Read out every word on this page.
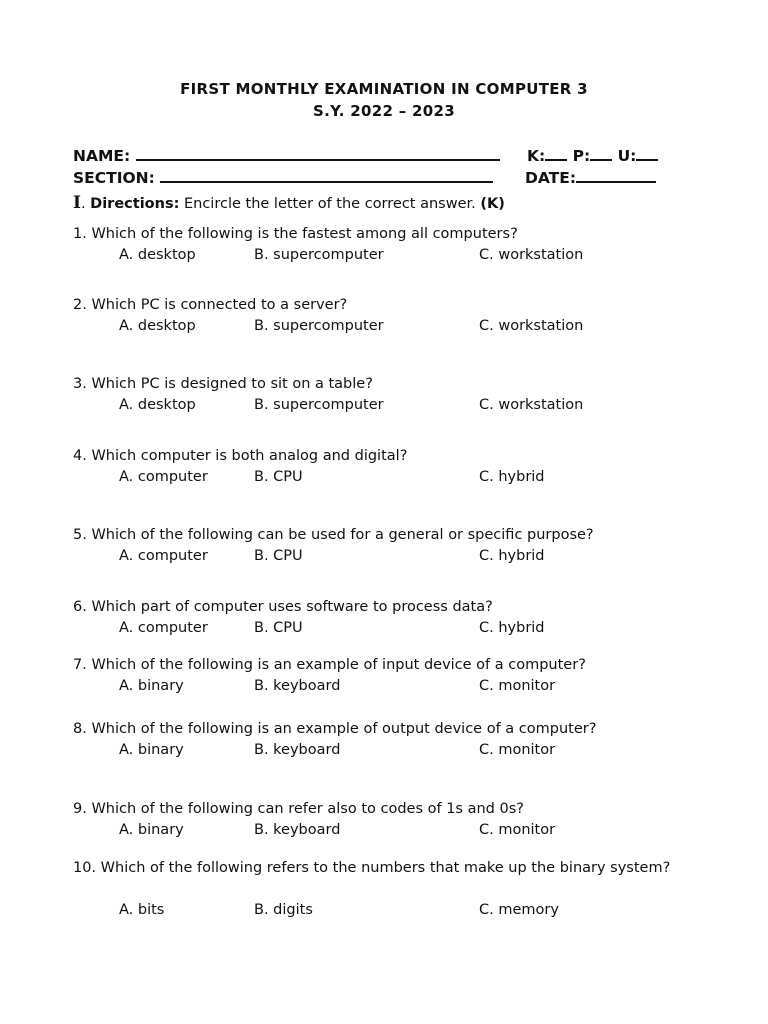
FIRST MONTHLY EXAMINATION IN COMPUTER 3
S.Y. 2022 – 2023
NAME:	K: P: U:
SECTION:	DATE:
I. Directions: Encircle the letter of the correct answer. (K)
1. Which of the following is the fastest among all computers?
A. desktop	B. supercomputer	C. workstation
2. Which PC is connected to a server?
A. desktop	B. supercomputer	C. workstation
3. Which PC is designed to sit on a table?
A. desktop	B. supercomputer	C. workstation
4. Which computer is both analog and digital?
A. computer	B. CPU	C. hybrid
5. Which of the following can be used for a general or specific purpose?
A. computer	B. CPU	C. hybrid
6. Which part of computer uses software to process data?
A. computer	B. CPU	C. hybrid
7. Which of the following is an example of input device of a computer?
A. binary	B. keyboard	C. monitor
8. Which of the following is an example of output device of a computer?
A. binary	B. keyboard	C. monitor
9. Which of the following can refer also to codes of 1s and 0s?
A. binary	B. keyboard	C. monitor
10. Which of the following refers to the numbers that make up the binary system?
A. bits	B. digits	C. memory
